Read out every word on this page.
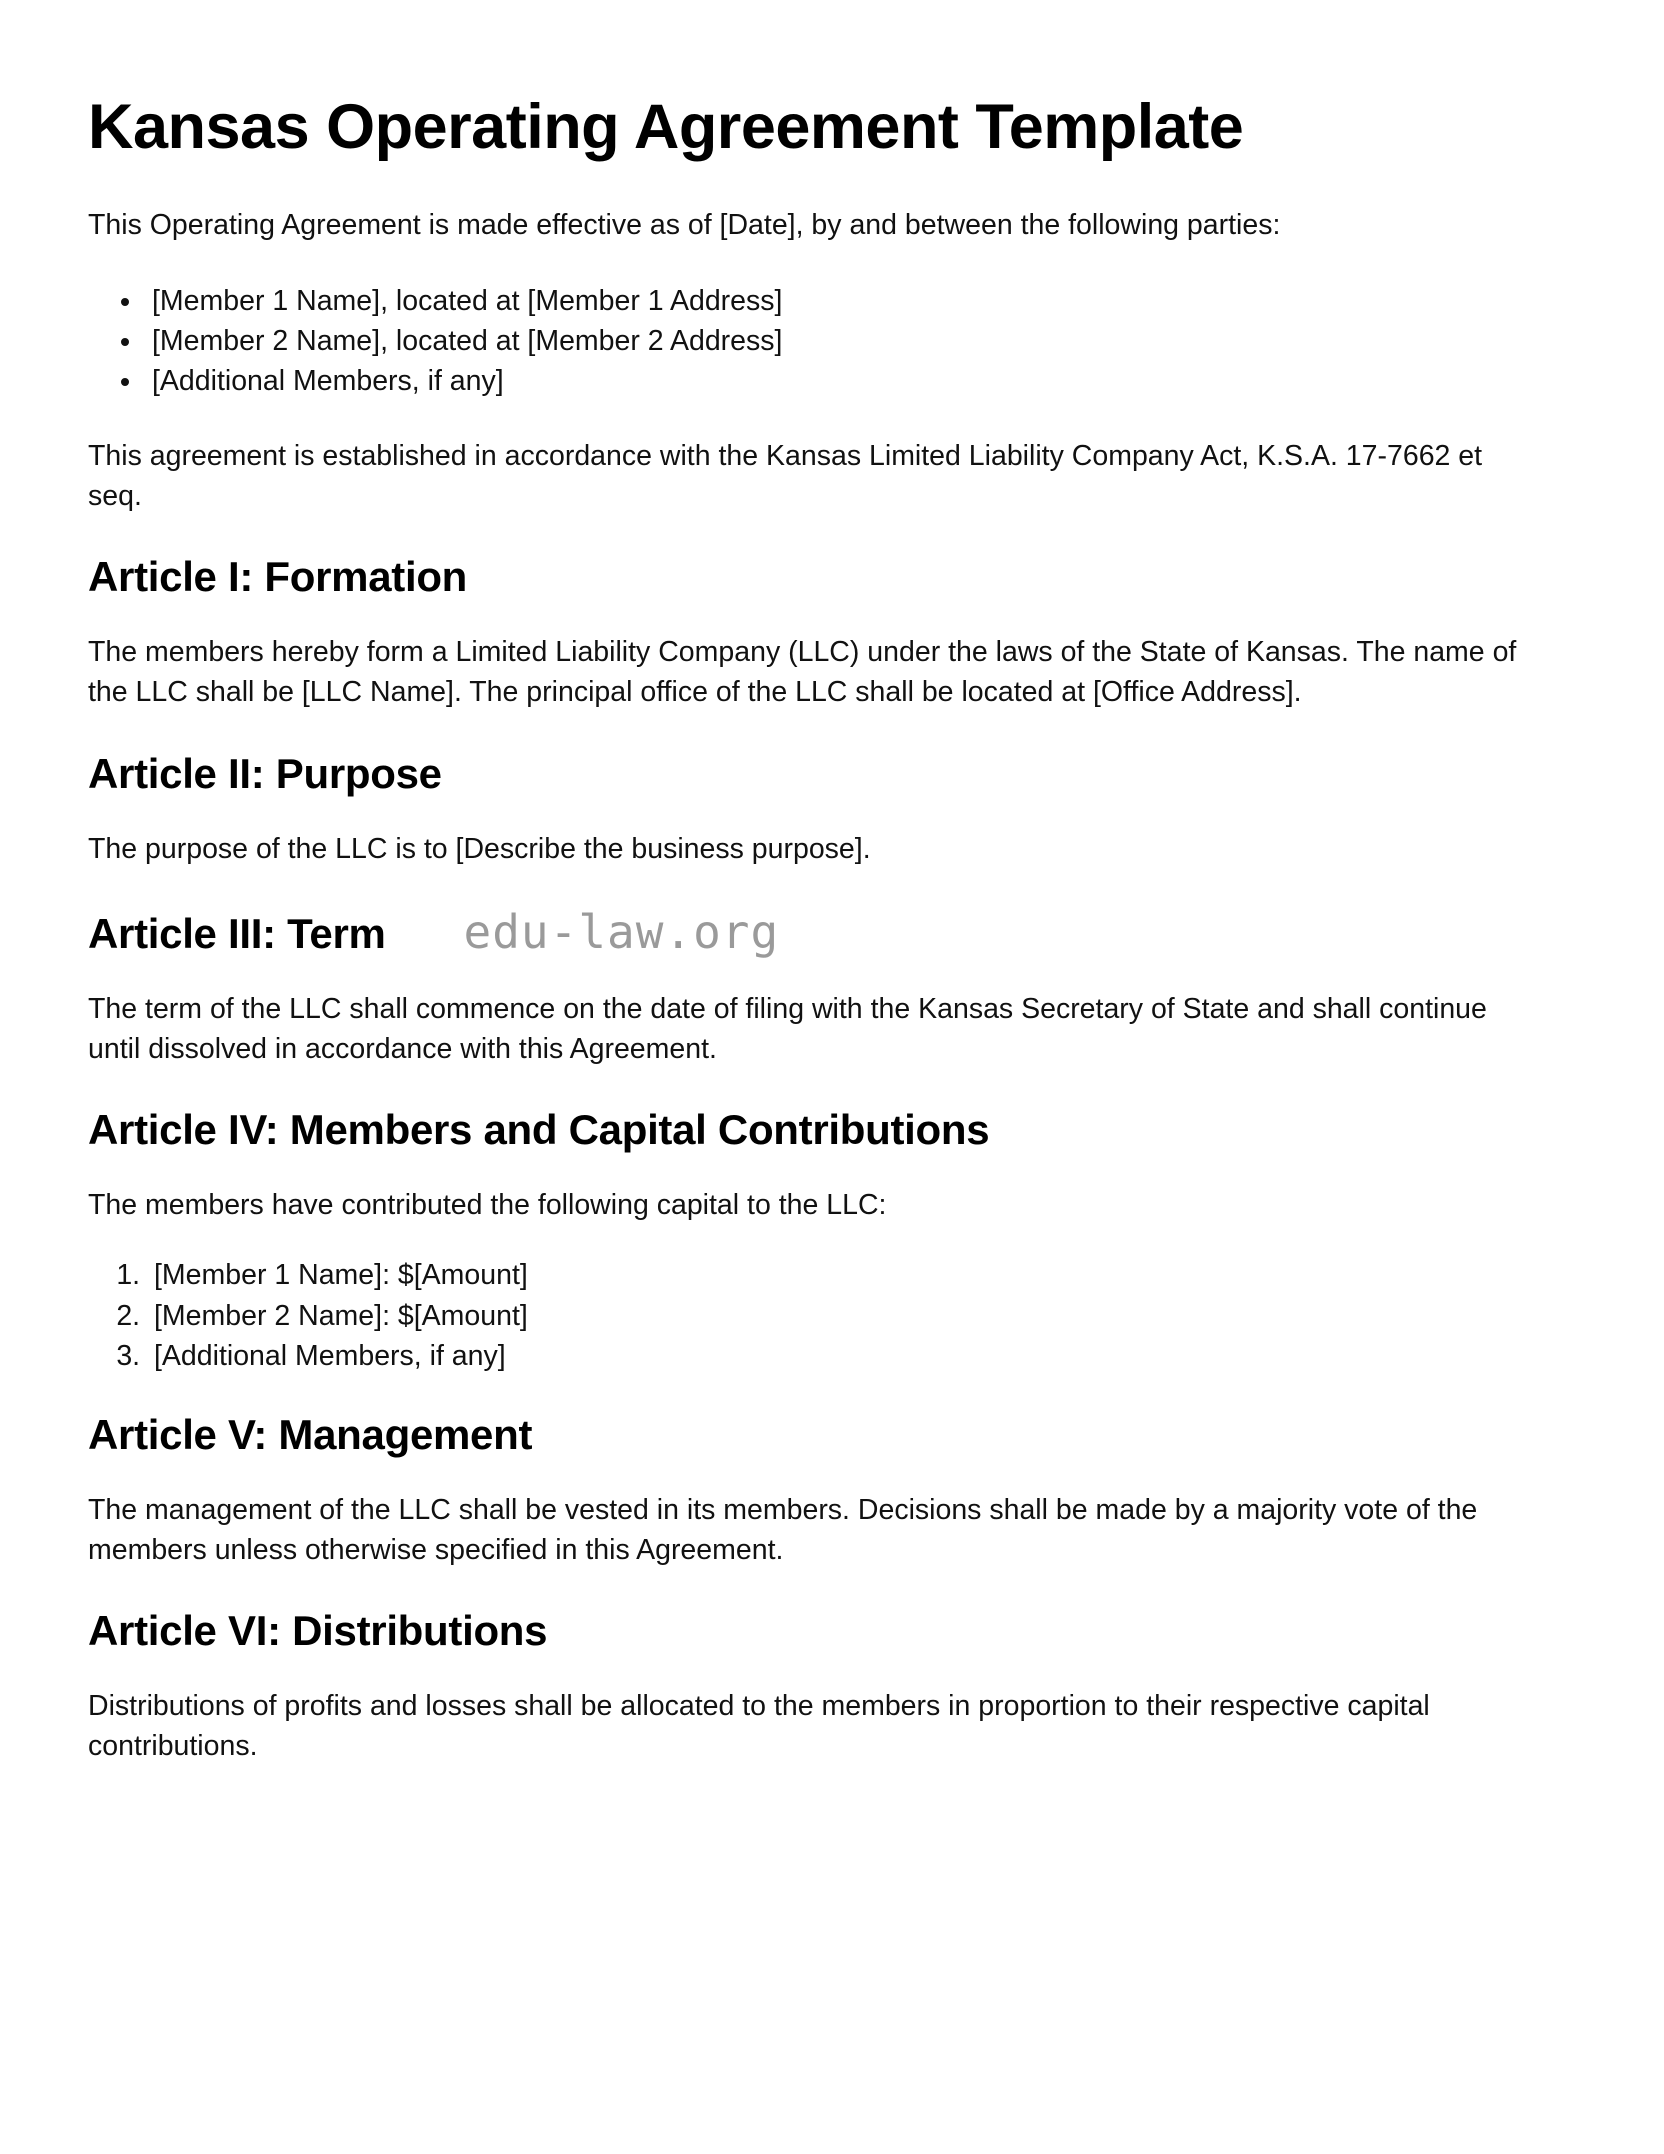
Kansas Operating Agreement Template

This Operating Agreement is made effective as of [Date], by and between the following parties:

• [Member 1 Name], located at [Member 1 Address]
• [Member 2 Name], located at [Member 2 Address]
• [Additional Members, if any]

This agreement is established in accordance with the Kansas Limited Liability Company Act, K.S.A. 17-7662 et seq.

Article I: Formation

The members hereby form a Limited Liability Company (LLC) under the laws of the State of Kansas. The name of the LLC shall be [LLC Name]. The principal office of the LLC shall be located at [Office Address].

Article II: Purpose

The purpose of the LLC is to [Describe the business purpose].

Article III: Term edu-law.org

The term of the LLC shall commence on the date of filing with the Kansas Secretary of State and shall continue until dissolved in accordance with this Agreement.

Article IV: Members and Capital Contributions

The members have contributed the following capital to the LLC:

1. [Member 1 Name]: $[Amount]
2. [Member 2 Name]: $[Amount]
3. [Additional Members, if any]
Article V: Management

The management of the LLC shall be vested in its members. Decisions shall be made by a majority vote of the members unless otherwise specified in this Agreement.

Article VI: Distributions

Distributions of profits and losses shall be allocated to the members in proportion to their respective capital contributions.
